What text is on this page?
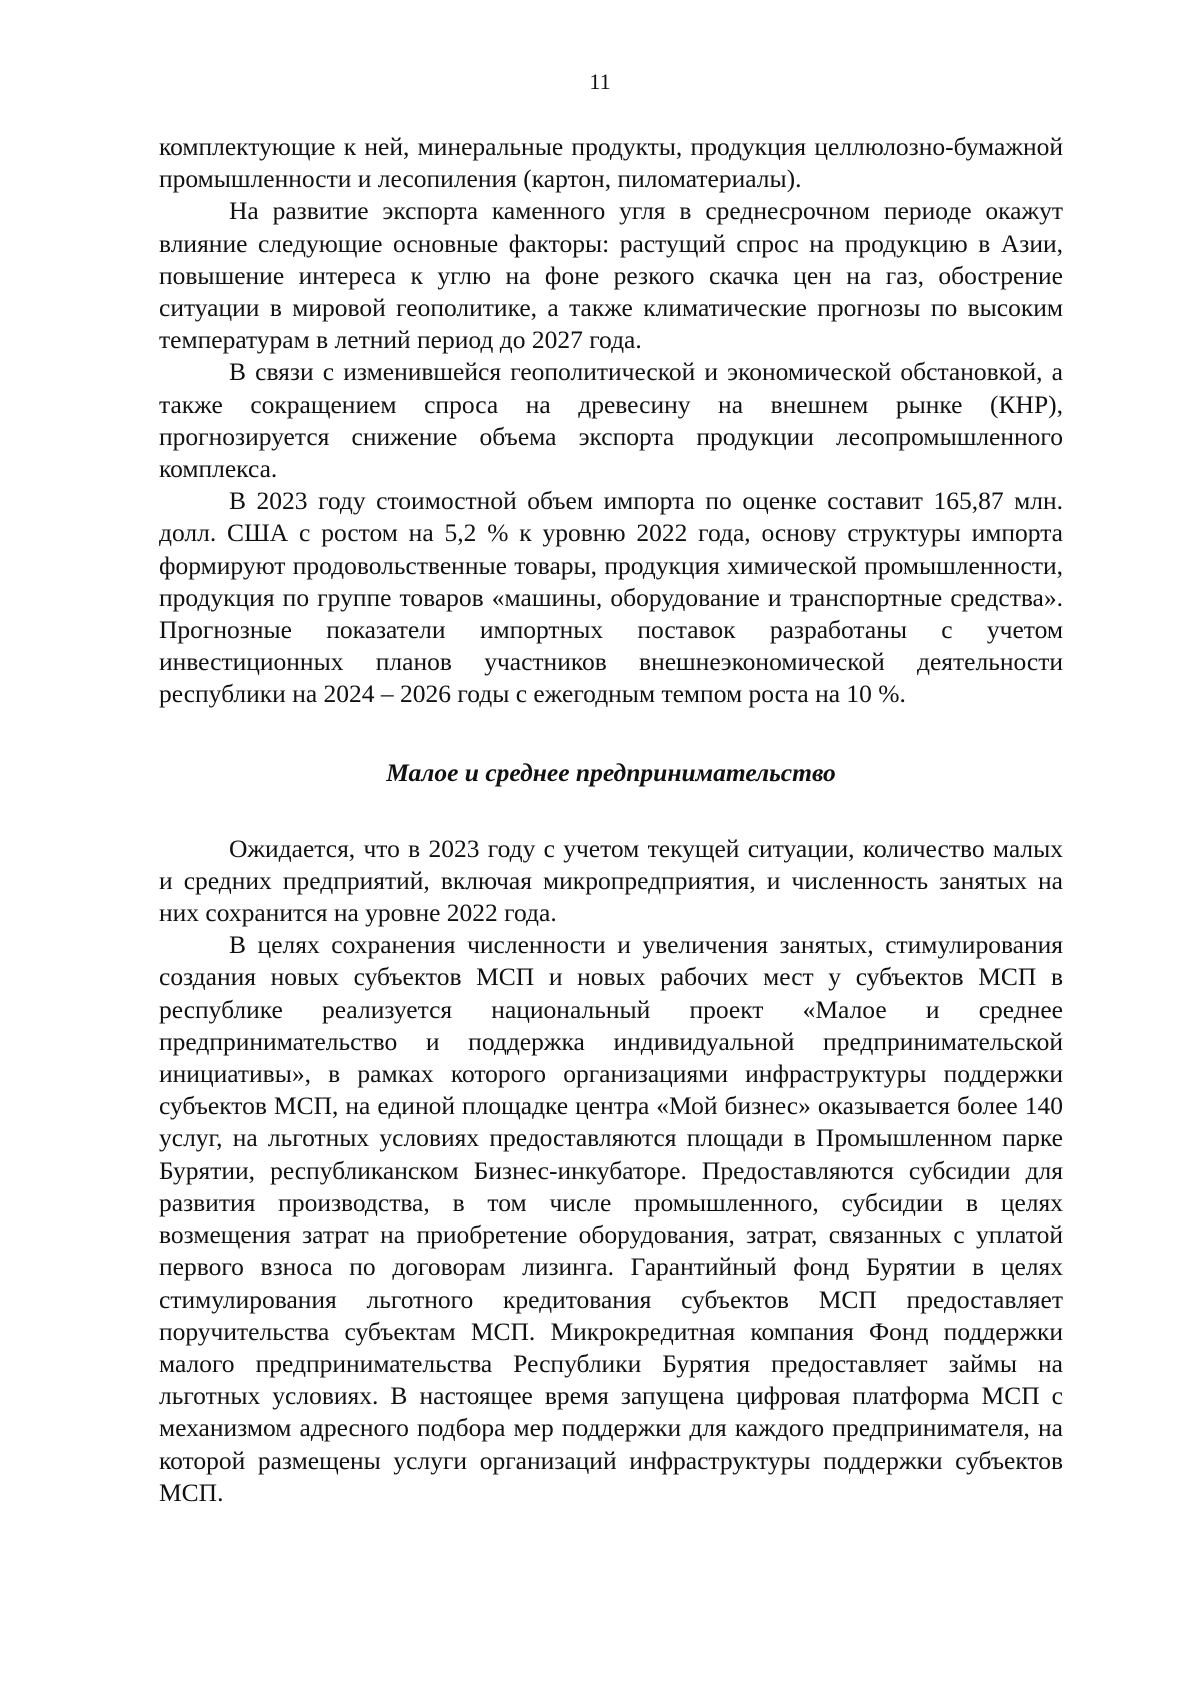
11

комплектующие к ней, минеральные продукты, продукция целлюлозно-бумажной промышленности и лесопиления (картон, пиломатериалы).

На развитие экспорта каменного угля в среднесрочном периоде окажут влияние следующие основные факторы: растущий спрос на продукцию в Азии, повышение интереса к углю на фоне резкого скачка цен на газ, обострение ситуации в мировой геополитике, а также климатические прогнозы по высоким температурам в летний период до 2027 года.

В связи с изменившейся геополитической и экономической обстановкой, а также сокращением спроса на древесину на внешнем рынке (КНР), прогнозируется снижение объема экспорта продукции лесопромышленного комплекса.

В 2023 году стоимостной объем импорта по оценке составит 165,87 млн. долл. США с ростом на 5,2 % к уровню 2022 года, основу структуры импорта формируют продовольственные товары, продукция химической промышленности, продукция по группе товаров «машины, оборудование и транспортные средства». Прогнозные показатели импортных поставок разработаны с учетом инвестиционных планов участников внешнеэкономической деятельности республики на 2024 – 2026 годы с ежегодным темпом роста на 10 %.

Малое и среднее предпринимательство

Ожидается, что в 2023 году с учетом текущей ситуации, количество малых и средних предприятий, включая микропредприятия, и численность занятых на них сохранится на уровне 2022 года.

В целях сохранения численности и увеличения занятых, стимулирования создания новых субъектов МСП и новых рабочих мест у субъектов МСП в республике реализуется национальный проект «Малое и среднее предпринимательство и поддержка индивидуальной предпринимательской инициативы», в рамках которого организациями инфраструктуры поддержки субъектов МСП, на единой площадке центра «Мой бизнес» оказывается более 140 услуг, на льготных условиях предоставляются площади в Промышленном парке Бурятии, республиканском Бизнес-инкубаторе. Предоставляются субсидии для развития производства, в том числе промышленного, субсидии в целях возмещения затрат на приобретение оборудования, затрат, связанных с уплатой первого взноса по договорам лизинга. Гарантийный фонд Бурятии в целях стимулирования льготного кредитования субъектов МСП предоставляет поручительства субъектам МСП. Микрокредитная компания Фонд поддержки малого предпринимательства Республики Бурятия предоставляет займы на льготных условиях. В настоящее время запущена цифровая платформа МСП с механизмом адресного подбора мер поддержки для каждого предпринимателя, на которой размещены услуги организаций инфраструктуры поддержки субъектов МСП.
